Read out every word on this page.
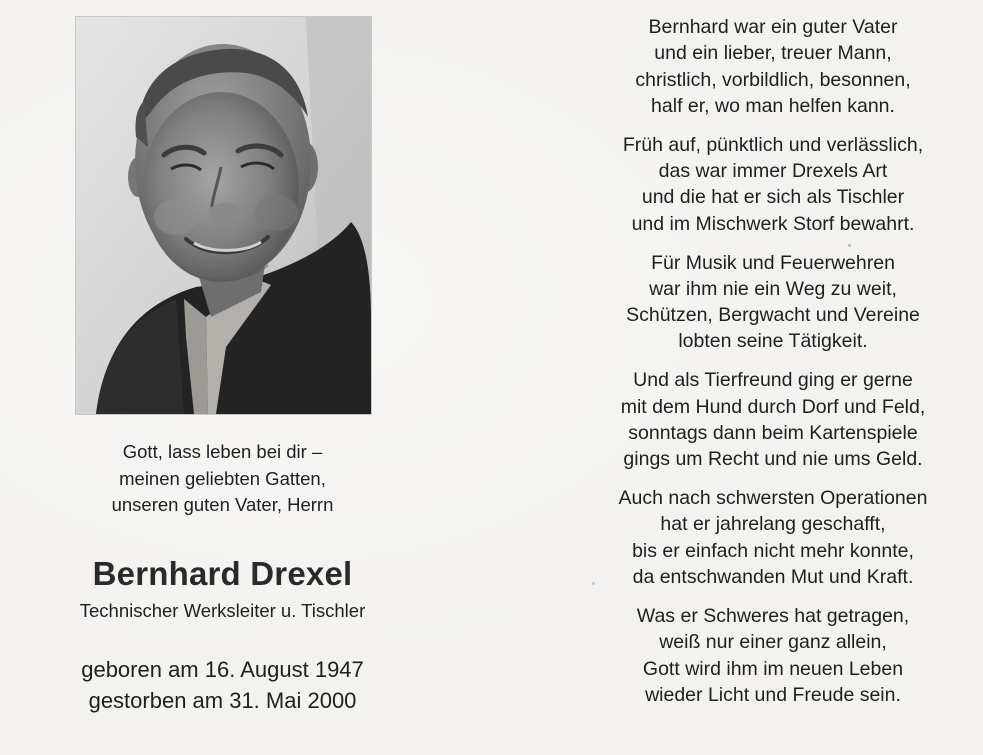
Gott, lass leben bei dir –
meinen geliebten Gatten,
unseren guten Vater, Herrn
Bernhard Drexel
Technischer Werksleiter u. Tischler
geboren am 16. August 1947
gestorben am 31. Mai 2000
Bernhard war ein guter Vater
und ein lieber, treuer Mann,
christlich, vorbildlich, besonnen,
half er, wo man helfen kann.
Früh auf, pünktlich und verlässlich,
das war immer Drexels Art
und die hat er sich als Tischler
und im Mischwerk Storf bewahrt.
Für Musik und Feuerwehren
war ihm nie ein Weg zu weit,
Schützen, Bergwacht und Vereine
lobten seine Tätigkeit.
Und als Tierfreund ging er gerne
mit dem Hund durch Dorf und Feld,
sonntags dann beim Kartenspiele
gings um Recht und nie ums Geld.
Auch nach schwersten Operationen
hat er jahrelang geschafft,
bis er einfach nicht mehr konnte,
da entschwanden Mut und Kraft.
Was er Schweres hat getragen,
weiß nur einer ganz allein,
Gott wird ihm im neuen Leben
wieder Licht und Freude sein.
